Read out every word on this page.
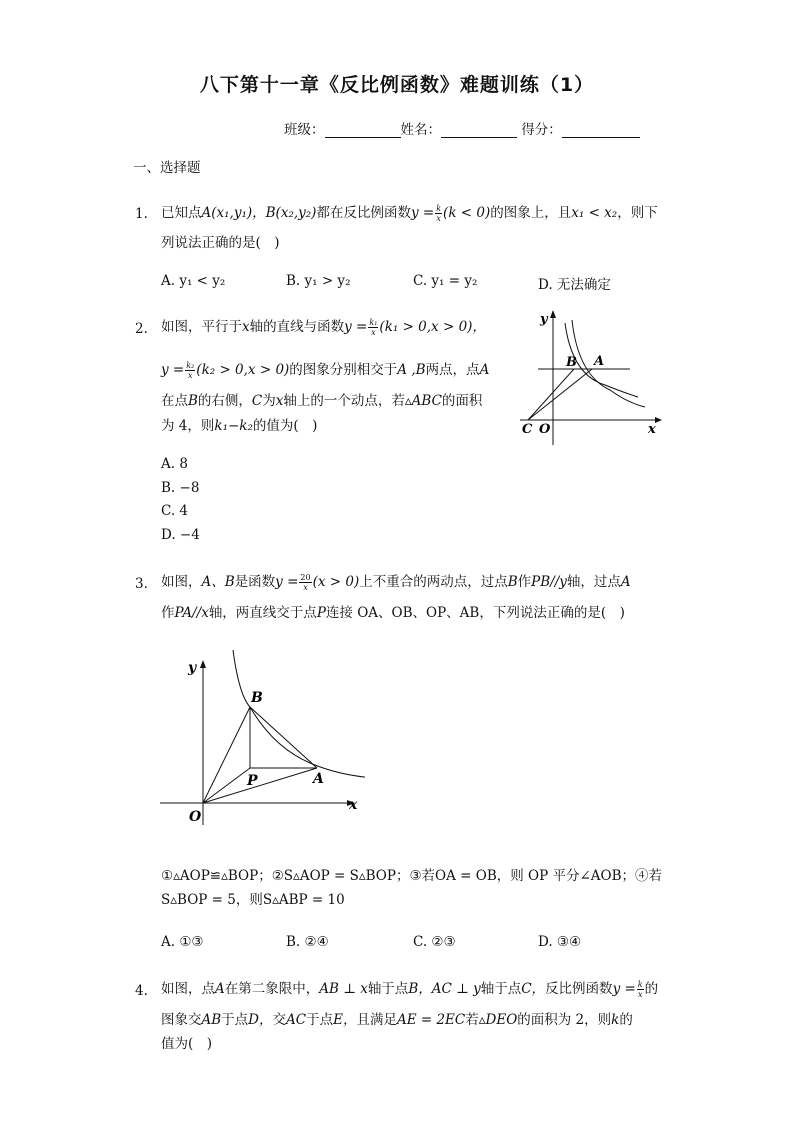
八下第十一章《反比例函数》难题训练（1）
班级：	姓名：	得分：
一、选择题
1. 已知点A(x₁,y₁)，B(x₂,y₂)都在反比例函数$y = \frac{k}{x} (k < 0)$的图象上，且x₁ < x₂，则下
列说法正确的是(　)
A. y₁ < y₂	B. y₁ > y₂	C. y₁ = y₂	D. 无法确定
2. 如图，平行于x轴的直线与函数$y = \frac{\text{k₁}}{x} (k_1 > 0,x > 0)$，
$y = \frac{\text{k₂}}{x} (k_2 > 0,x > 0)$的图象分别相交于A ,B两点，点A
在点B的右侧，C为x轴上的一个动点，若▵ABC的面积
为 4，则k₁−k₂的值为(　)
A. 8
B. −8
C. 4
D. −4
y
B A
C O	x
3. 如图，A、B是函数$y = \frac{20}{x} (x > 0)$上不重合的两动点，过点B作PB//y轴，过点A
作PA//x轴，两直线交于点P连接 OA、OB、OP、AB，下列说法正确的是(　)
y
B
P	A
O
x
①▵AOP≌▵BOP；②S▵AOP = S▵BOP；③若OA = OB，则 OP 平分∠AOB；④若
S▵BOP = 5，则S▵ABP = 10
A. ①③	B. ②④	C. ②③	D. ③④
4. 如图，点A在第二象限中，AB ⊥ x轴于点B，AC ⊥ y轴于点C，反比例函数$y = \frac{k}{x}$ 的
图象交AB于点D，交AC于点E，且满足AE = 2EC若▵DEO的面积为 2，则k的
值为(　)
